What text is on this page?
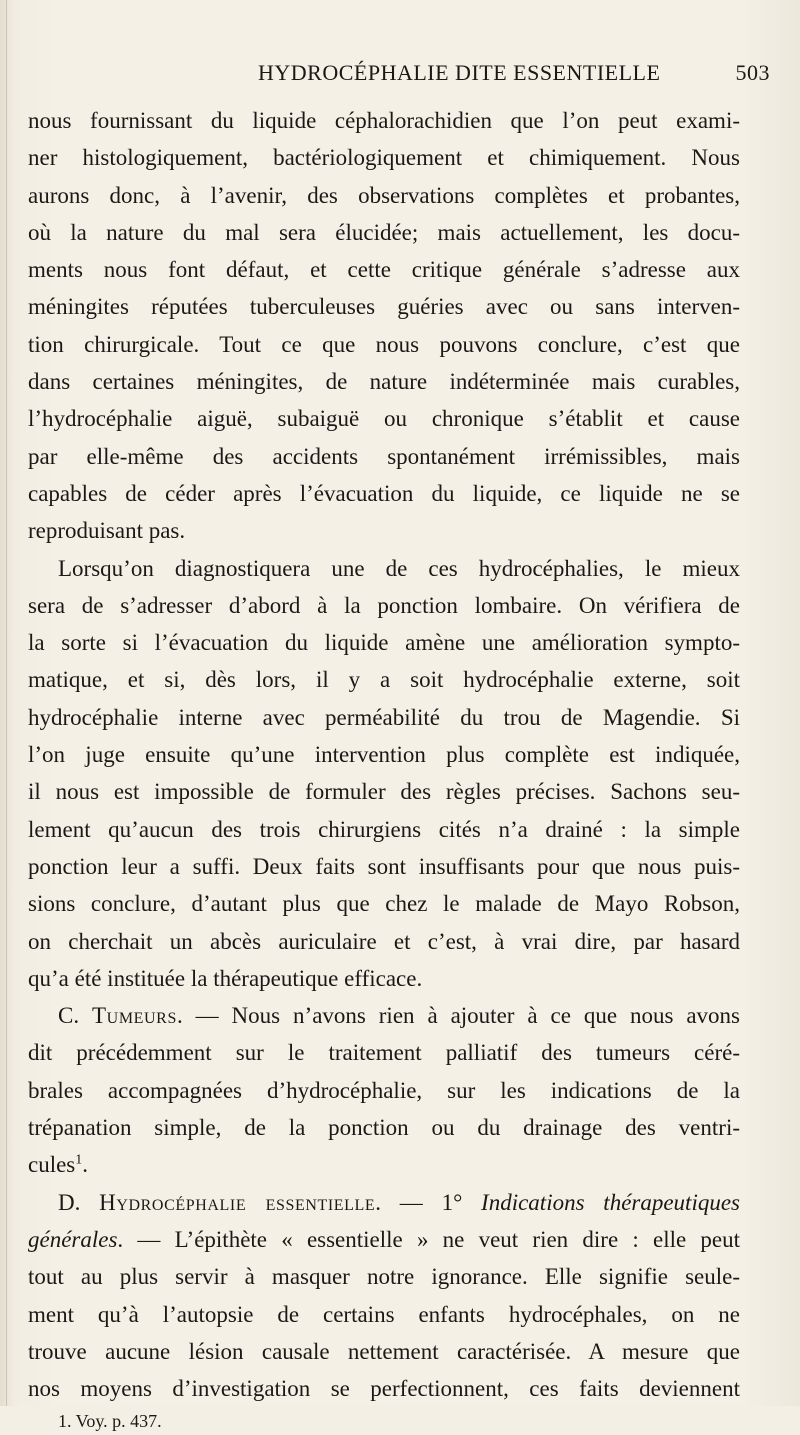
HYDROCÉPHALIE DITE ESSENTIELLE	503
nous fournissant du liquide céphalorachidien que l’on peut exami-
ner histologiquement, bactériologiquement et chimiquement. Nous
aurons donc, à l’avenir, des observations complètes et probantes,
où la nature du mal sera élucidée; mais actuellement, les docu-
ments nous font défaut, et cette critique générale s’adresse aux
méningites réputées tuberculeuses guéries avec ou sans interven-
tion chirurgicale. Tout ce que nous pouvons conclure, c’est que
dans certaines méningites, de nature indéterminée mais curables,
l’hydrocéphalie aiguë, subaiguë ou chronique s’établit et cause
par elle-même des accidents spontanément irrémissibles, mais
capables de céder après l’évacuation du liquide, ce liquide ne se
reproduisant pas.
Lorsqu’on diagnostiquera une de ces hydrocéphalies, le mieux
sera de s’adresser d’abord à la ponction lombaire. On vérifiera de
la sorte si l’évacuation du liquide amène une amélioration sympto-
matique, et si, dès lors, il y a soit hydrocéphalie externe, soit
hydrocéphalie interne avec perméabilité du trou de Magendie. Si
l’on juge ensuite qu’une intervention plus complète est indiquée,
il nous est impossible de formuler des règles précises. Sachons seu-
lement qu’aucun des trois chirurgiens cités n’a drainé : la simple
ponction leur a suffi. Deux faits sont insuffisants pour que nous puis-
sions conclure, d’autant plus que chez le malade de Mayo Robson,
on cherchait un abcès auriculaire et c’est, à vrai dire, par hasard
qu’a été instituée la thérapeutique efficace.
C. Tumeurs. — Nous n’avons rien à ajouter à ce que nous avons
dit précédemment sur le traitement palliatif des tumeurs céré-
brales accompagnées d’hydrocéphalie, sur les indications de la
trépanation simple, de la ponction ou du drainage des ventri-
cules$^1$.
D. Hydrocéphalie essentielle. — 1° Indications thérapeutiques
générales. — L’épithète « essentielle » ne veut rien dire : elle peut
tout au plus servir à masquer notre ignorance. Elle signifie seule-
ment qu’à l’autopsie de certains enfants hydrocéphales, on ne
trouve aucune lésion causale nettement caractérisée. A mesure que
nos moyens d’investigation se perfectionnent, ces faits deviennent
1. Voy. p. 437.
